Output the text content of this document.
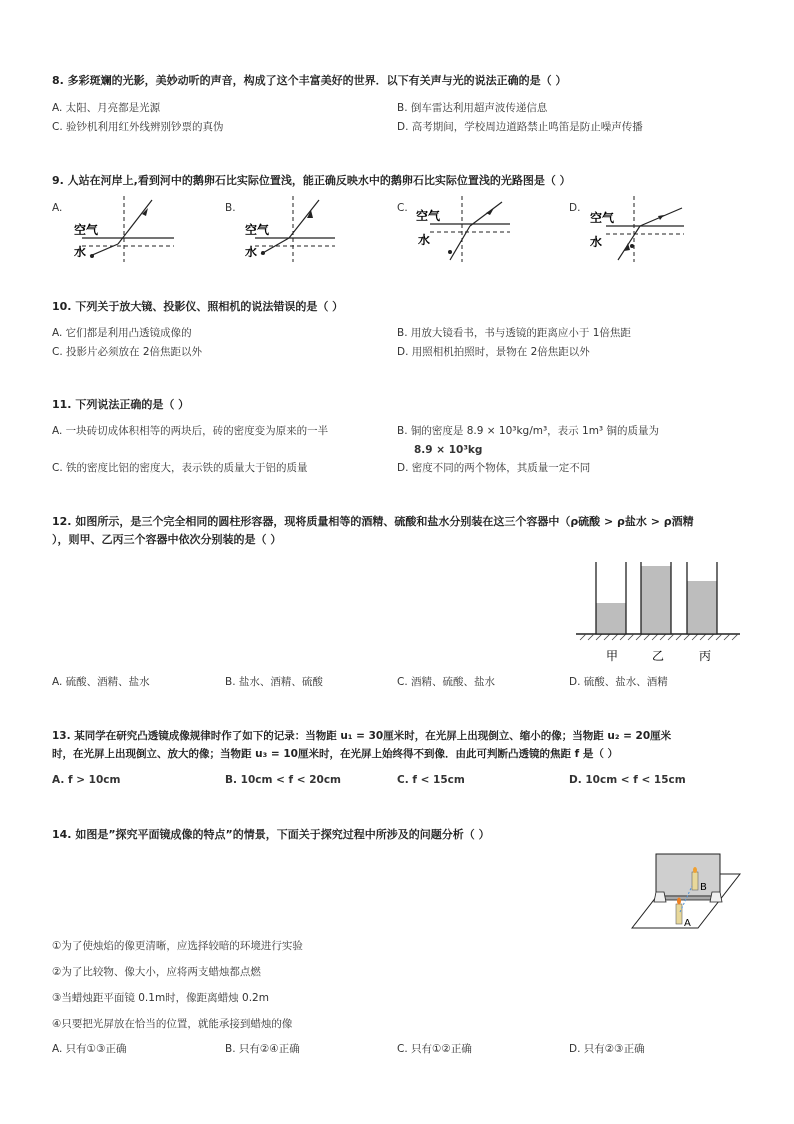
8. 多彩斑斓的光影，美妙动听的声音，构成了这个丰富美好的世界．以下有关声与光的说法正确的是（ ）
A. 太阳、月亮都是光源	B. 倒车雷达利用超声波传递信息
C. 验钞机利用红外线辨别钞票的真伪	D. 高考期间，学校周边道路禁止鸣笛是防止噪声传播
9. 人站在河岸上,看到河中的鹅卵石比实际位置浅，能正确反映水中的鹅卵石比实际位置浅的光路图是（ ）
A.
空气
水
B.
空气
水
C.
空气
水
D.
空气
水
10. 下列关于放大镜、投影仪、照相机的说法错误的是（ ）
A. 它们都是利用凸透镜成像的	B. 用放大镜看书，书与透镜的距离应小于 1倍焦距
C. 投影片必须放在 2倍焦距以外	D. 用照相机拍照时，景物在 2倍焦距以外
11. 下列说法正确的是（ ）
A. 一块砖切成体积相等的两块后，砖的密度变为原来的一半	B. 铜的密度是 8.9 × 10³kg/m³，表示 1m³ 铜的质量为
8.9 × 10³kg
C. 铁的密度比铝的密度大，表示铁的质量大于铝的质量	D. 密度不同的两个物体，其质量一定不同
12. 如图所示，是三个完全相同的圆柱形容器，现将质量相等的酒精、硫酸和盐水分别装在这三个容器中（ρ硫酸 > ρ盐水 > ρ酒精
），则甲、乙丙三个容器中依次分别装的是（ ）
甲	乙	丙
A. 硫酸、酒精、盐水	B. 盐水、酒精、硫酸	C. 酒精、硫酸、盐水	D. 硫酸、盐水、酒精
13. 某同学在研究凸透镜成像规律时作了如下的记录：当物距 u₁ = 30厘米时，在光屏上出现倒立、缩小的像；当物距 u₂ = 20厘米
时，在光屏上出现倒立、放大的像；当物距 u₃ = 10厘米时，在光屏上始终得不到像．由此可判断凸透镜的焦距 f 是（ ）
A. f > 10cm	B. 10cm < f < 20cm	C. f < 15cm	D. 10cm < f < 15cm
14. 如图是”探究平面镜成像的特点”的情景，下面关于探究过程中所涉及的问题分析（ ）
B
A
①为了使烛焰的像更清晰，应选择较暗的环境进行实验
②为了比较物、像大小，应将两支蜡烛都点燃
③当蜡烛距平面镜 0.1m时，像距离蜡烛 0.2m
④只要把光屏放在恰当的位置，就能承接到蜡烛的像
A. 只有①③正确	B. 只有②④正确	C. 只有①②正确	D. 只有②③正确
